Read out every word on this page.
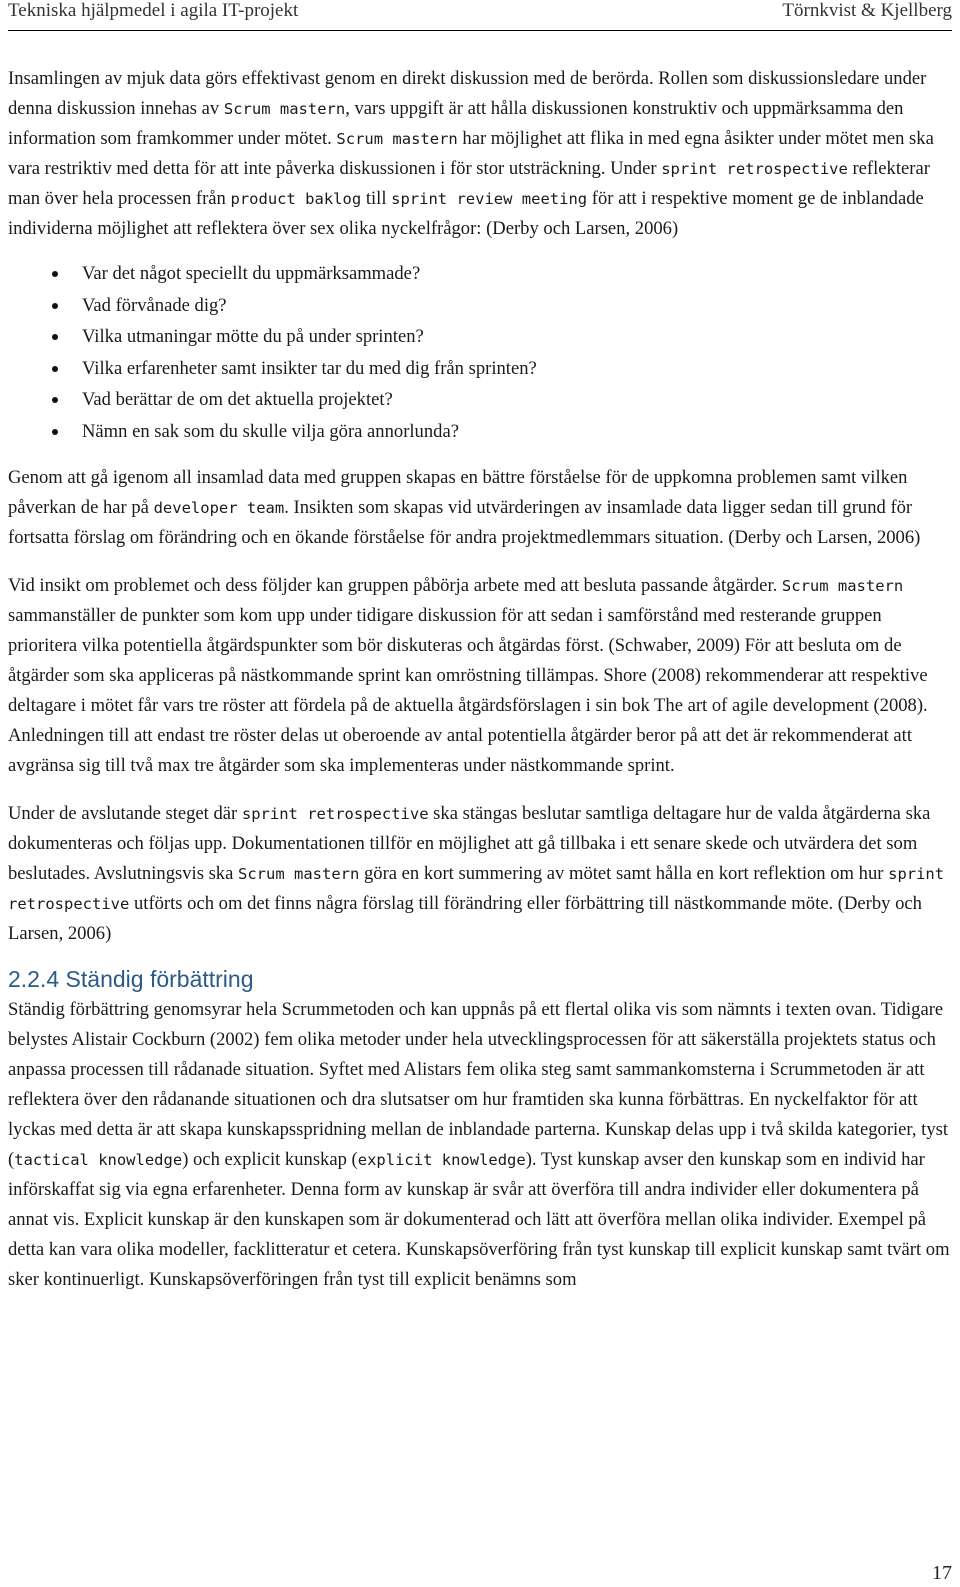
Tekniska hjälpmedel i agila IT-projekt	Törnkvist & Kjellberg

Insamlingen av mjuk data görs effektivast genom en direkt diskussion med de berörda. Rollen som diskussionsledare under denna diskussion innehas av Scrum mastern, vars uppgift är att hålla diskussionen konstruktiv och uppmärksamma den information som framkommer under mötet. Scrum mastern har möjlighet att flika in med egna åsikter under mötet men ska vara restriktiv med detta för att inte påverka diskussionen i för stor utsträckning. Under sprint retrospective reflekterar man över hela processen från product baklog till sprint review meeting för att i respektive moment ge de inblandade individerna möjlighet att reflektera över sex olika nyckelfrågor: (Derby och Larsen, 2006)

Var det något speciellt du uppmärksammade?
Vad förvånade dig?
Vilka utmaningar mötte du på under sprinten?
Vilka erfarenheter samt insikter tar du med dig från sprinten?
Vad berättar de om det aktuella projektet?
Nämn en sak som du skulle vilja göra annorlunda?

Genom att gå igenom all insamlad data med gruppen skapas en bättre förståelse för de uppkomna problemen samt vilken påverkan de har på developer team. Insikten som skapas vid utvärderingen av insamlade data ligger sedan till grund för fortsatta förslag om förändring och en ökande förståelse för andra projektmedlemmars situation. (Derby och Larsen, 2006)

Vid insikt om problemet och dess följder kan gruppen påbörja arbete med att besluta passande åtgärder. Scrum mastern sammanställer de punkter som kom upp under tidigare diskussion för att sedan i samförstånd med resterande gruppen prioritera vilka potentiella åtgärdspunkter som bör diskuteras och åtgärdas först. (Schwaber, 2009) För att besluta om de åtgärder som ska appliceras på nästkommande sprint kan omröstning tillämpas. Shore (2008) rekommenderar att respektive deltagare i mötet får vars tre röster att fördela på de aktuella åtgärdsförslagen i sin bok The art of agile development (2008). Anledningen till att endast tre röster delas ut oberoende av antal potentiella åtgärder beror på att det är rekommenderat att avgränsa sig till två max tre åtgärder som ska implementeras under nästkommande sprint.

Under de avslutande steget där sprint retrospective ska stängas beslutar samtliga deltagare hur de valda åtgärderna ska dokumenteras och följas upp. Dokumentationen tillför en möjlighet att gå tillbaka i ett senare skede och utvärdera det som beslutades. Avslutningsvis ska Scrum mastern göra en kort summering av mötet samt hålla en kort reflektion om hur sprint retrospective utförts och om det finns några förslag till förändring eller förbättring till nästkommande möte. (Derby och Larsen, 2006)

2.2.4 Ständig förbättring

Ständig förbättring genomsyrar hela Scrummetoden och kan uppnås på ett flertal olika vis som nämnts i texten ovan. Tidigare belystes Alistair Cockburn (2002) fem olika metoder under hela utvecklingsprocessen för att säkerställa projektets status och anpassa processen till rådanade situation. Syftet med Alistars fem olika steg samt sammankomsterna i Scrummetoden är att reflektera över den rådanande situationen och dra slutsatser om hur framtiden ska kunna förbättras. En nyckelfaktor för att lyckas med detta är att skapa kunskapsspridning mellan de inblandade parterna. Kunskap delas upp i två skilda kategorier, tyst (tactical knowledge) och explicit kunskap (explicit knowledge). Tyst kunskap avser den kunskap som en individ har införskaffat sig via egna erfarenheter. Denna form av kunskap är svår att överföra till andra individer eller dokumentera på annat vis. Explicit kunskap är den kunskapen som är dokumenterad och lätt att överföra mellan olika individer. Exempel på detta kan vara olika modeller, facklitteratur et cetera. Kunskapsöverföring från tyst kunskap till explicit kunskap samt tvärt om sker kontinuerligt. Kunskapsöverföringen från tyst till explicit benämns som

17
